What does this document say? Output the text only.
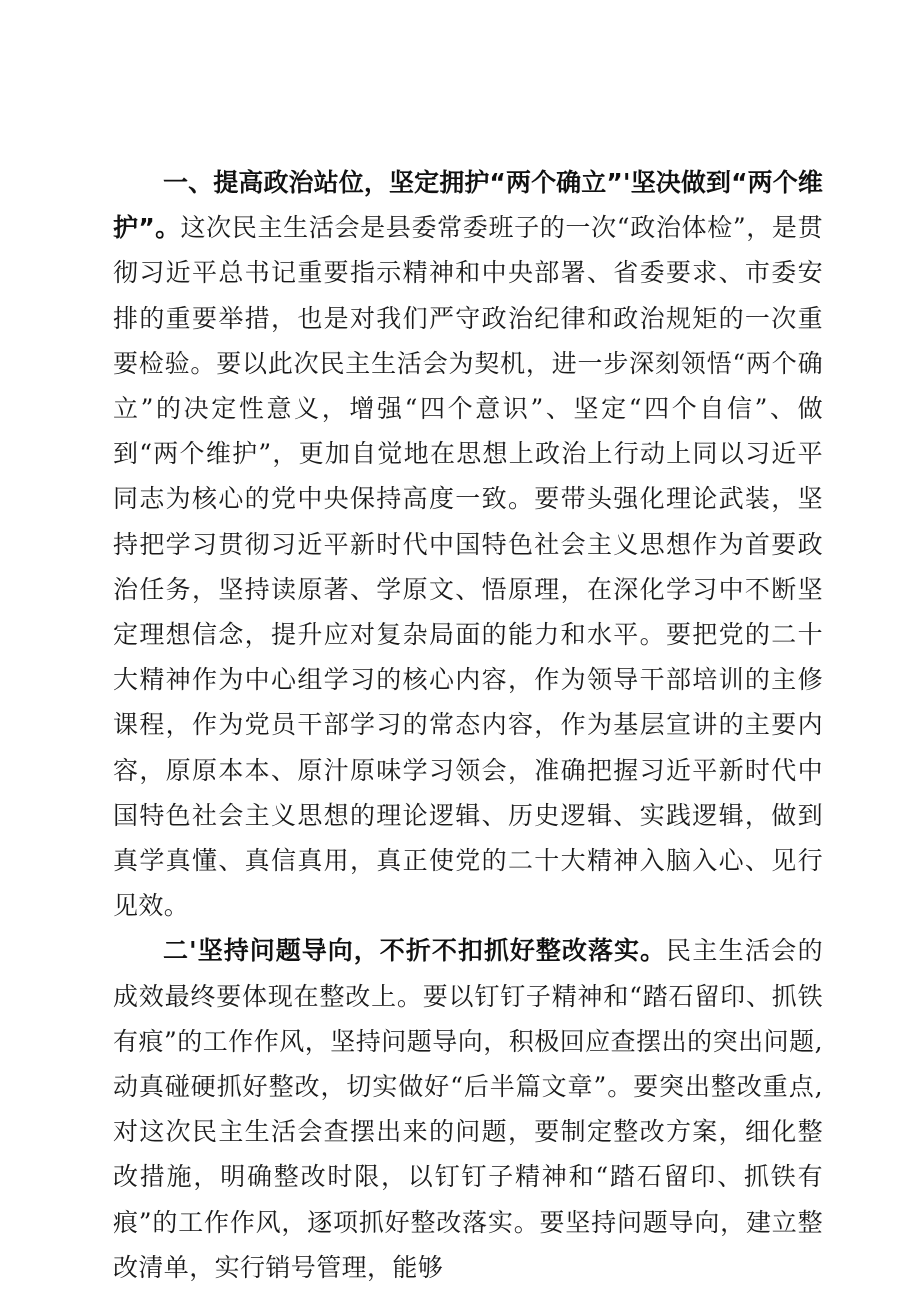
一、提高政治站位，坚定拥护“两个确立”'坚决做到“两个维护”。这次民主生活会是县委常委班子的一次“政治体检”，是贯彻习近平总书记重要指示精神和中央部署、省委要求、市委安排的重要举措，也是对我们严守政治纪律和政治规矩的一次重要检验。要以此次民主生活会为契机，进一步深刻领悟“两个确立”的决定性意义，增强“四个意识”、坚定“四个自信”、做到“两个维护”，更加自觉地在思想上政治上行动上同以习近平同志为核心的党中央保持高度一致。要带头强化理论武装，坚持把学习贯彻习近平新时代中国特色社会主义思想作为首要政治任务，坚持读原著、学原文、悟原理，在深化学习中不断坚定理想信念，提升应对复杂局面的能力和水平。要把党的二十大精神作为中心组学习的核心内容，作为领导干部培训的主修课程，作为党员干部学习的常态内容，作为基层宣讲的主要内容，原原本本、原汁原味学习领会，准确把握习近平新时代中国特色社会主义思想的理论逻辑、历史逻辑、实践逻辑，做到真学真懂、真信真用，真正使党的二十大精神入脑入心、见行见效。

二'坚持问题导向，不折不扣抓好整改落实。民主生活会的成效最终要体现在整改上。要以钉钉子精神和“踏石留印、抓铁有痕”的工作作风，坚持问题导向，积极回应查摆出的突出问题,动真碰硬抓好整改，切实做好“后半篇文章”。要突出整改重点,对这次民主生活会查摆出来的问题，要制定整改方案，细化整改措施，明确整改时限，以钉钉子精神和“踏石留印、抓铁有痕”的工作作风，逐项抓好整改落实。要坚持问题导向，建立整改清单，实行销号管理，能够
